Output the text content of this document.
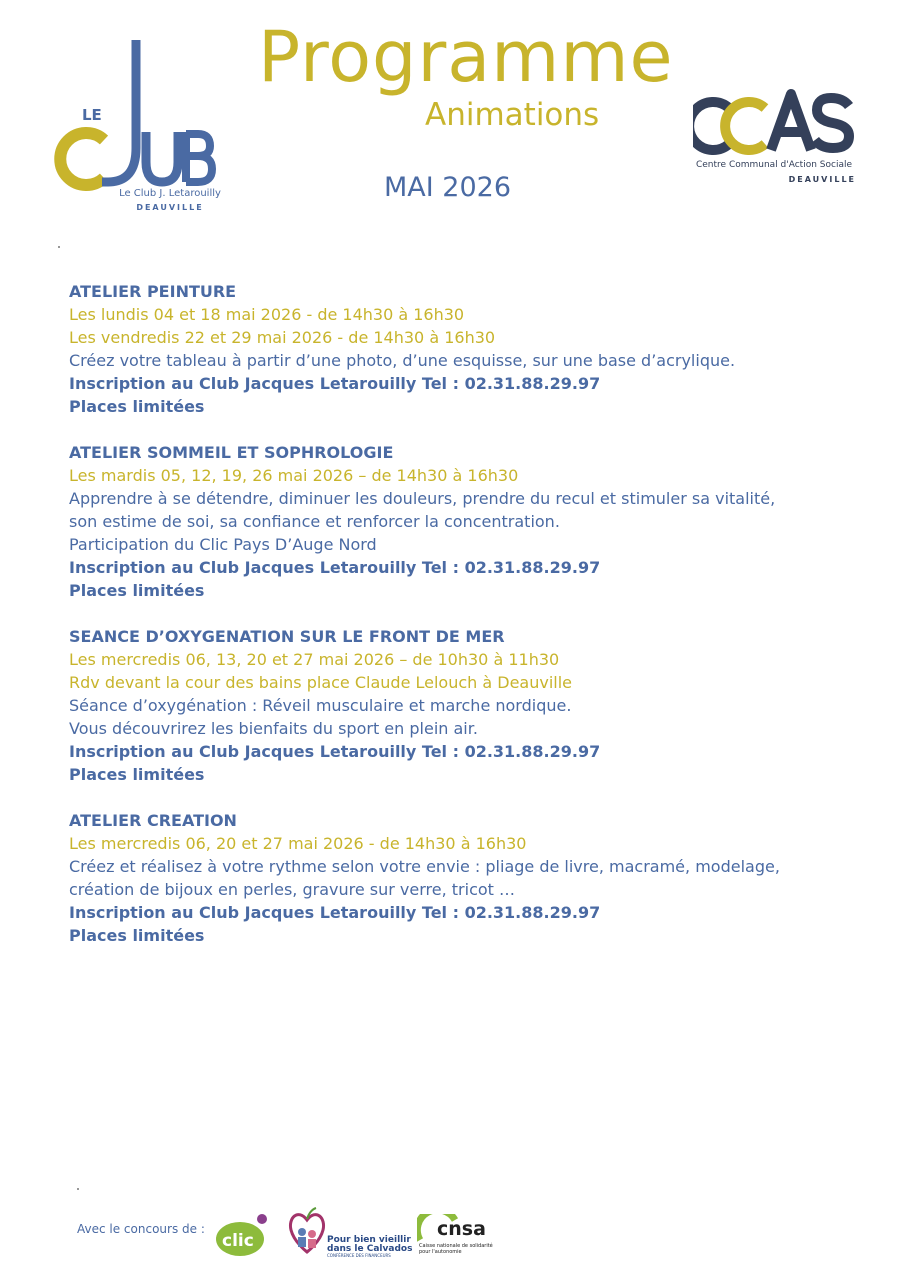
LE
Le Club J. Letarouilly
DEAUVILLE
Programme
Animations
MAI 2026
Centre Communal d'Action Sociale
DEAUVILLE
ATELIER PEINTURE
Les lundis 04 et 18 mai 2026 - de 14h30 à 16h30
Les vendredis 22 et 29 mai 2026 - de 14h30 à 16h30
Créez votre tableau à partir d’une photo, d’une esquisse, sur une base d’acrylique.
Inscription au Club Jacques Letarouilly Tel : 02.31.88.29.97
Places limitées
ATELIER SOMMEIL ET SOPHROLOGIE
Les mardis 05, 12, 19, 26 mai 2026 – de 14h30 à 16h30
Apprendre à se détendre, diminuer les douleurs, prendre du recul et stimuler sa vitalité,
son estime de soi, sa confiance et renforcer la concentration.
Participation du Clic Pays D’Auge Nord
Inscription au Club Jacques Letarouilly Tel : 02.31.88.29.97
Places limitées
SEANCE D’OXYGENATION SUR LE FRONT DE MER
Les mercredis 06, 13, 20 et 27 mai 2026 – de 10h30 à 11h30
Rdv devant la cour des bains place Claude Lelouch à Deauville
Séance d’oxygénation : Réveil musculaire et marche nordique.
Vous découvrirez les bienfaits du sport en plein air.
Inscription au Club Jacques Letarouilly Tel : 02.31.88.29.97
Places limitées
ATELIER CREATION
Les mercredis 06, 20 et 27 mai 2026 - de 14h30 à 16h30
Créez et réalisez à votre rythme selon votre envie : pliage de livre, macramé, modelage,
création de bijoux en perles, gravure sur verre, tricot …
Inscription au Club Jacques Letarouilly Tel : 02.31.88.29.97
Places limitées
Avec le concours de :
clic	Pour bien vieillir
dans le Calvados
CONFÉRENCE DES FINANCEURS
cnsa
Caisse nationale de solidarité pour l'autonomie
